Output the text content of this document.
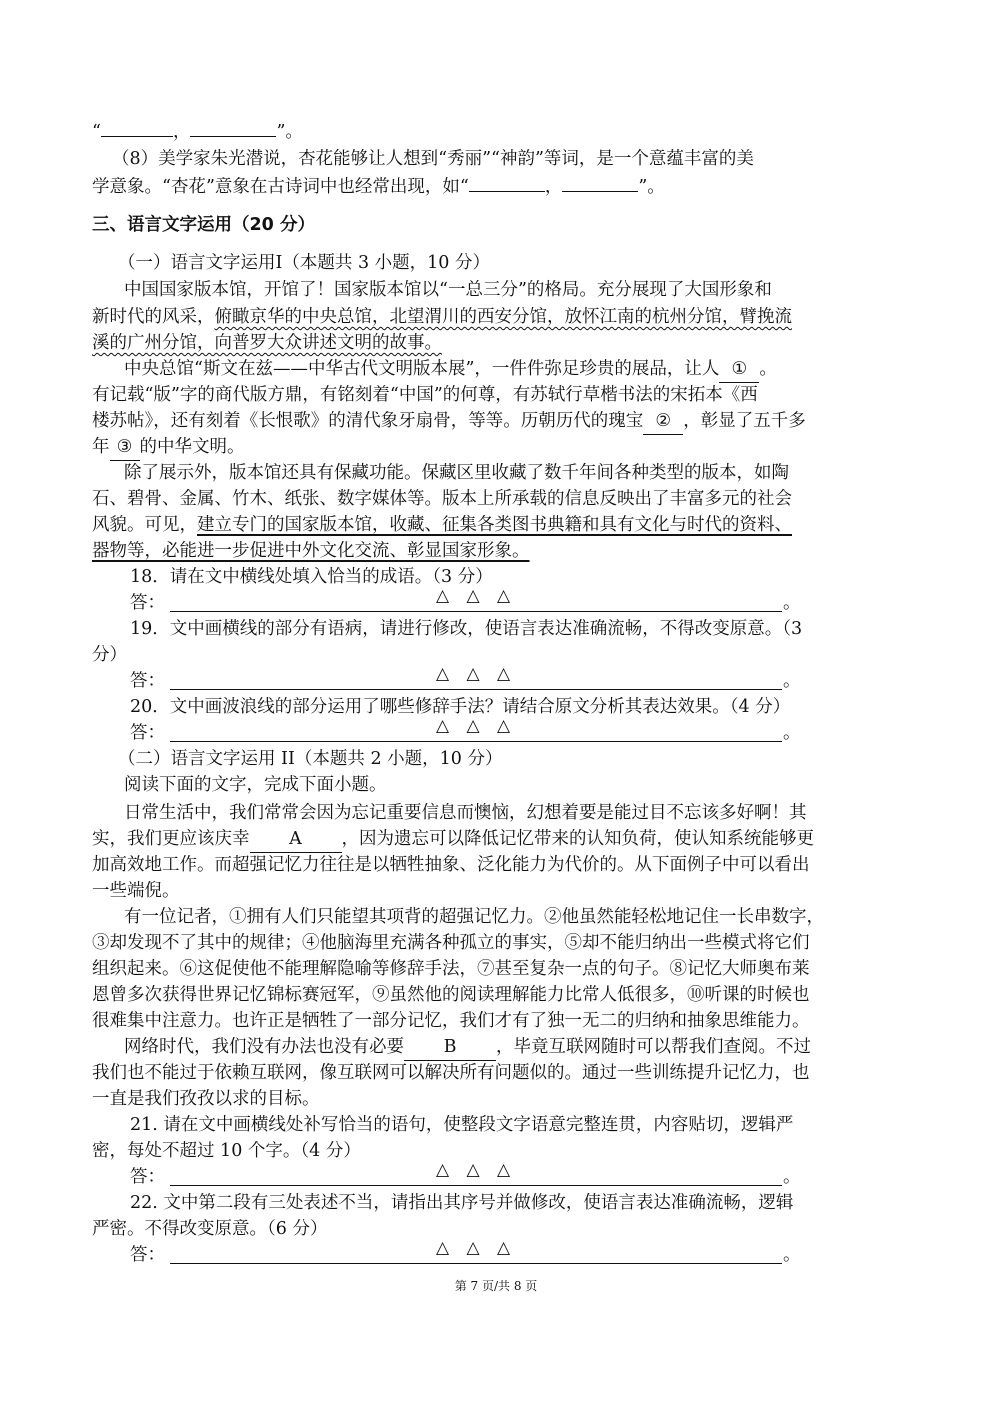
“	，	”。
（8）美学家朱光潜说，杏花能够让人想到“秀丽”“神韵”等词，是一个意蕴丰富的美
学意象。“杏花”意象在古诗词中也经常出现，如“	，	”。
三、语言文字运用（20 分）
（一）语言文字运用Ⅰ（本题共 3 小题，10 分）
中国国家版本馆，开馆了！国家版本馆以“一总三分”的格局。充分展现了大国形象和
新时代的风采，俯瞰京华的中央总馆，北望渭川的西安分馆，放怀江南的杭州分馆，臂挽流
溪的广州分馆，向普罗大众讲述文明的故事。
中央总馆“斯文在兹——中华古代文明版本展”，一件件弥足珍贵的展品，让人 ① 。
有记载“版”字的商代版方鼎，有铭刻着“中国”的何尊，有苏轼行草楷书法的宋拓本《西
楼苏帖》，还有刻着《长恨歌》的清代象牙扇骨，等等。历朝历代的瑰宝 ② ，彰显了五千多
年 ③ 的中华文明。
除了展示外，版本馆还具有保藏功能。保藏区里收藏了数千年间各种类型的版本，如陶
石、碧骨、金属、竹木、纸张、数字媒体等。版本上所承载的信息反映出了丰富多元的社会
风貌。可见，建立专门的国家版本馆，收藏、征集各类图书典籍和具有文化与时代的资料、
器物等，必能进一步促进中外文化交流、彰显国家形象。
18．请在文中横线处填入恰当的成语。（3 分）
答：	△ △ △	。
19．文中画横线的部分有语病，请进行修改，使语言表达准确流畅，不得改变原意。（3
分）
答：	△ △ △	。
20．文中画波浪线的部分运用了哪些修辞手法？请结合原文分析其表达效果。（4 分）
答：	△ △ △	。
（二）语言文字运用 II（本题共 2 小题，10 分）
阅读下面的文字，完成下面小题。
日常生活中，我们常常会因为忘记重要信息而懊恼，幻想着要是能过目不忘该多好啊！其
实，我们更应该庆幸 A ，因为遗忘可以降低记忆带来的认知负荷，使认知系统能够更
加高效地工作。而超强记忆力往往是以牺牲抽象、泛化能力为代价的。从下面例子中可以看出
一些端倪。
有一位记者，①拥有人们只能望其项背的超强记忆力。②他虽然能轻松地记住一长串数字，
③却发现不了其中的规律；④他脑海里充满各种孤立的事实，⑤却不能归纳出一些模式将它们
组织起来。⑥这促使他不能理解隐喻等修辞手法，⑦甚至复杂一点的句子。⑧记忆大师奥布莱
恩曾多次获得世界记忆锦标赛冠军，⑨虽然他的阅读理解能力比常人低很多，⑩听课的时候也
很难集中注意力。也许正是牺牲了一部分记忆，我们才有了独一无二的归纳和抽象思维能力。
网络时代，我们没有办法也没有必要 B ，毕竟互联网随时可以帮我们查阅。不过
我们也不能过于依赖互联网，像互联网可以解决所有问题似的。通过一些训练提升记忆力，也
一直是我们孜孜以求的目标。
21. 请在文中画横线处补写恰当的语句，使整段文字语意完整连贯，内容贴切，逻辑严
密，每处不超过 10 个字。（4 分）
答：	△ △ △	。
22. 文中第二段有三处表述不当，请指出其序号并做修改，使语言表达准确流畅，逻辑
严密。不得改变原意。（6 分）
答：	△ △ △	。
第 7 页/共 8 页
